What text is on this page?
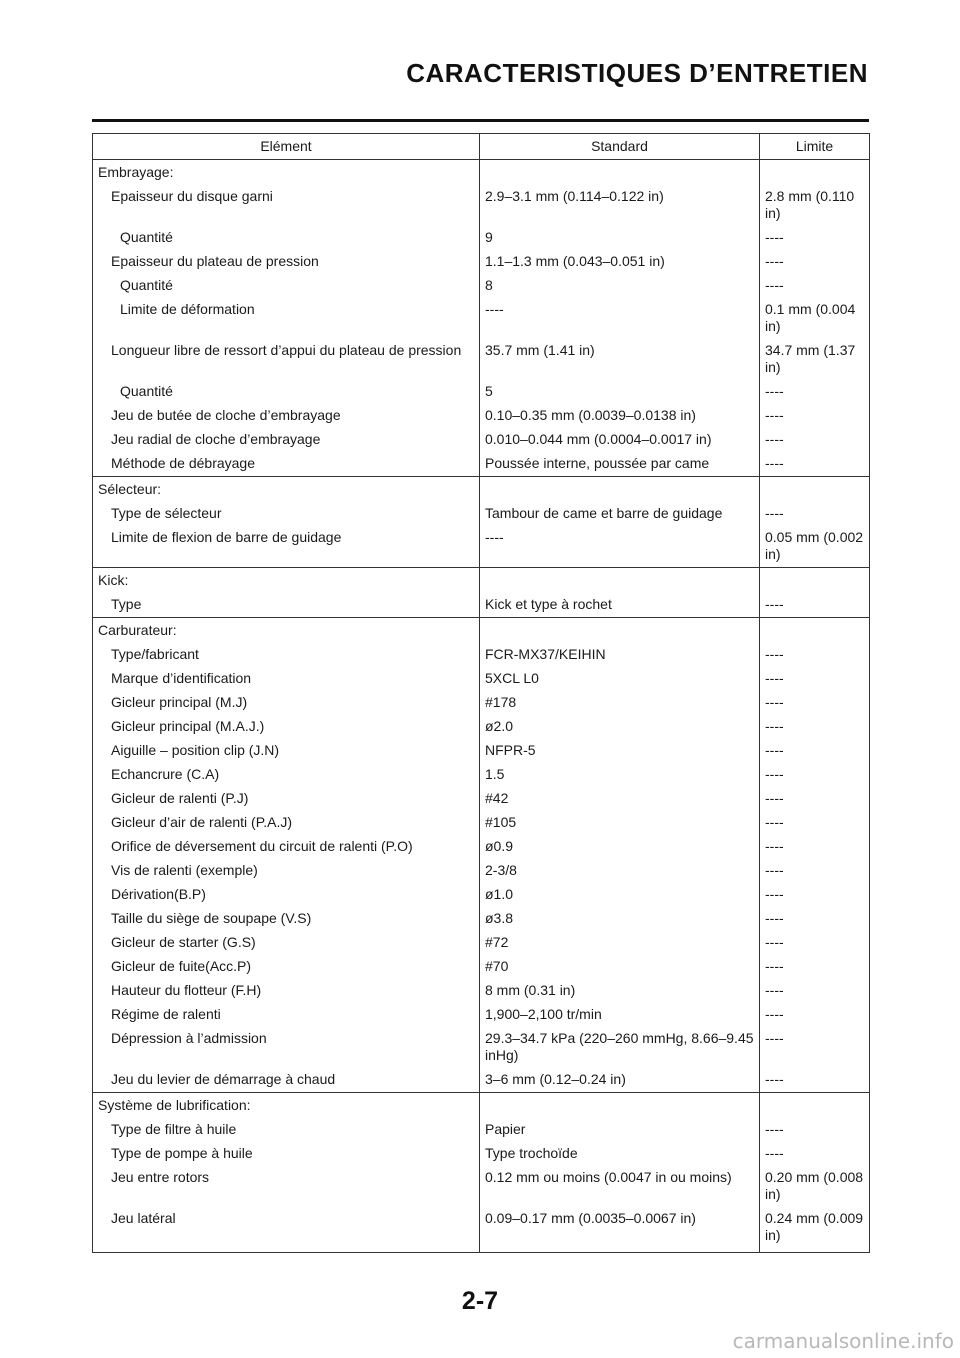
CARACTERISTIQUES D’ENTRETIEN
Elément	Standard	Limite
Embrayage:		
Epaisseur du disque garni	2.9–3.1 mm (0.114–0.122 in)	2.8 mm (0.110 in)
Quantité	9	----
Epaisseur du plateau de pression	1.1–1.3 mm (0.043–0.051 in)	----
Quantité	8	----
Limite de déformation	----	0.1 mm (0.004 in)
Longueur libre de ressort d’appui du plateau de pression	35.7 mm (1.41 in)	34.7 mm (1.37 in)
Quantité	5	----
Jeu de butée de cloche d’embrayage	0.10–0.35 mm (0.0039–0.0138 in)	----
Jeu radial de cloche d’embrayage	0.010–0.044 mm (0.0004–0.0017 in)	----
Méthode de débrayage	Poussée interne, poussée par came	----
Sélecteur:		
Type de sélecteur	Tambour de came et barre de guidage	----
Limite de flexion de barre de guidage	----	0.05 mm (0.002 in)
Kick:		
Type	Kick et type à rochet	----
Carburateur:		
Type/fabricant	FCR-MX37/KEIHIN	----
Marque d’identification	5XCL L0	----
Gicleur principal (M.J)	#178	----
Gicleur principal (M.A.J.)	ø2.0	----
Aiguille – position clip (J.N)	NFPR-5	----
Echancrure (C.A)	1.5	----
Gicleur de ralenti (P.J)	#42	----
Gicleur d’air de ralenti (P.A.J)	#105	----
Orifice de déversement du circuit de ralenti (P.O)	ø0.9	----
Vis de ralenti (exemple)	2-3/8	----
Dérivation(B.P)	ø1.0	----
Taille du siège de soupape (V.S)	ø3.8	----
Gicleur de starter (G.S)	#72	----
Gicleur de fuite(Acc.P)	#70	----
Hauteur du flotteur (F.H)	8 mm (0.31 in)	----
Régime de ralenti	1,900–2,100 tr/min	----
Dépression à l’admission	29.3–34.7 kPa (220–260 mmHg, 8.66–9.45 inHg)	----
Jeu du levier de démarrage à chaud	3–6 mm (0.12–0.24 in)	----
Système de lubrification:		
Type de filtre à huile	Papier	----
Type de pompe à huile	Type trochoïde	----
Jeu entre rotors	0.12 mm ou moins (0.0047 in ou moins)	0.20 mm (0.008 in)
Jeu latéral	0.09–0.17 mm (0.0035–0.0067 in)	0.24 mm (0.009 in)
2-7
carmanualsonline.info
